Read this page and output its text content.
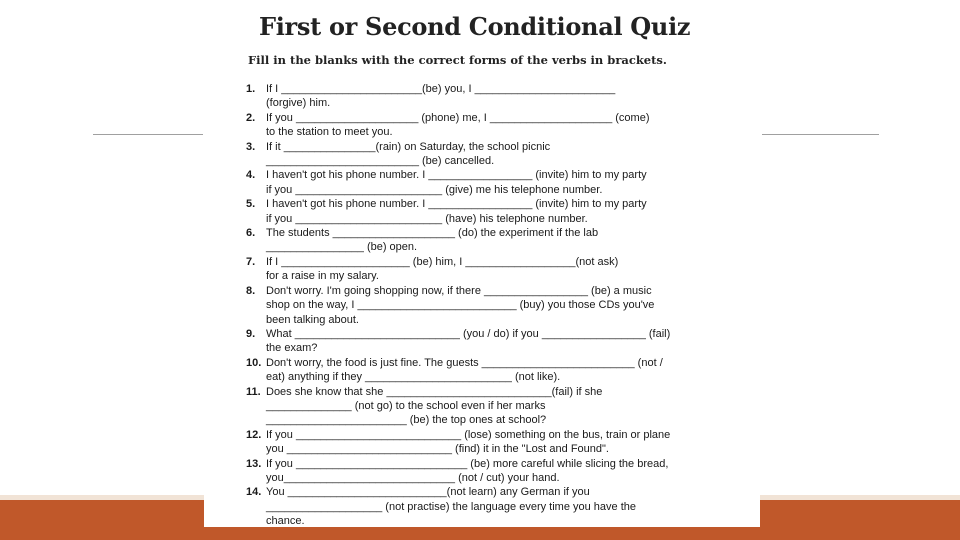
First or Second Conditional Quiz
Fill in the blanks with the correct forms of the verbs in brackets.
1. If I _______________________(be) you, I _______________________
(forgive) him.
2. If you ____________________ (phone) me, I ____________________ (come)
to the station to meet you.
3. If it _______________(rain) on Saturday, the school picnic
_________________________ (be) cancelled.
4. I haven't got his phone number. I _________________ (invite) him to my party
if you ________________________ (give) me his telephone number.
5. I haven't got his phone number. I _________________ (invite) him to my party
if you ________________________ (have) his telephone number.
6. The students ____________________ (do) the experiment if the lab
________________ (be) open.
7. If I _____________________ (be) him, I __________________(not ask)
for a raise in my salary.
8. Don't worry. I'm going shopping now, if there _________________ (be) a music
shop on the way, I __________________________ (buy) you those CDs you've
been talking about.
9. What ___________________________ (you / do) if you _________________ (fail)
the exam?
10. Don't worry, the food is just fine. The guests _________________________ (not /
eat) anything if they ________________________ (not like).
11. Does she know that she ___________________________(fail) if she
______________ (not go) to the school even if her marks
_______________________ (be) the top ones at school?
12. If you ___________________________ (lose) something on the bus, train or plane
you ___________________________ (find) it in the "Lost and Found".
13. If you ____________________________ (be) more careful while slicing the bread,
you____________________________ (not / cut) your hand.
14. You __________________________(not learn) any German if you
___________________ (not practise) the language every time you have the
chance.
